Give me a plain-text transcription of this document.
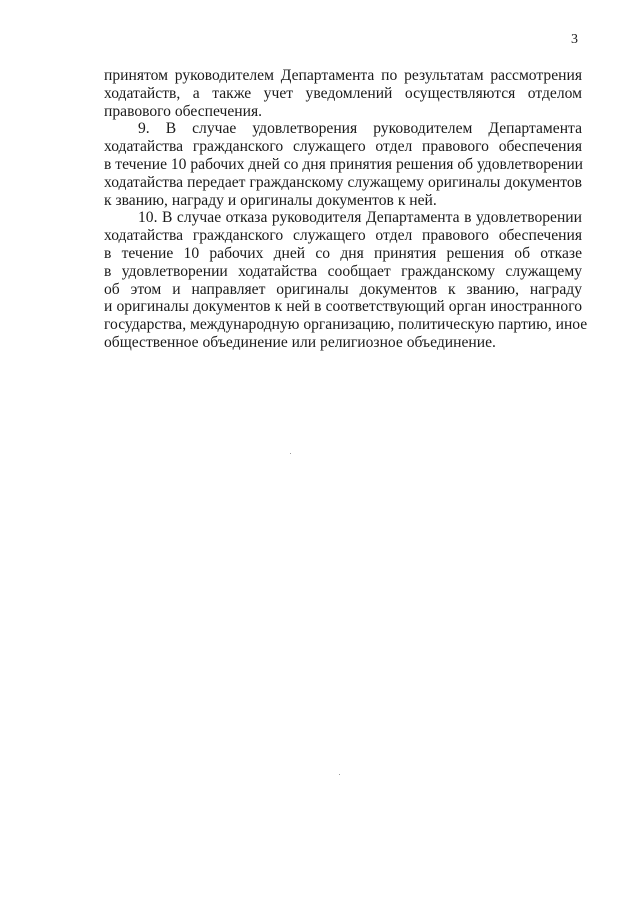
3
принятом руководителем Департамента по результатам рассмотрения
ходатайств, а также учет уведомлений осуществляются отделом
правового обеспечения.
9. В случае удовлетворения руководителем Департамента
ходатайства гражданского служащего отдел правового обеспечения
в течение 10 рабочих дней со дня принятия решения об удовлетворении
ходатайства передает гражданскому служащему оригиналы документов
к званию, награду и оригиналы документов к ней.
10. В случае отказа руководителя Департамента в удовлетворении
ходатайства гражданского служащего отдел правового обеспечения
в течение 10 рабочих дней со дня принятия решения об отказе
в удовлетворении ходатайства сообщает гражданскому служащему
об этом и направляет оригиналы документов к званию, награду
и оригиналы документов к ней в соответствующий орган иностранного
государства, международную организацию, политическую партию, иное
общественное объединение или религиозное объединение.
